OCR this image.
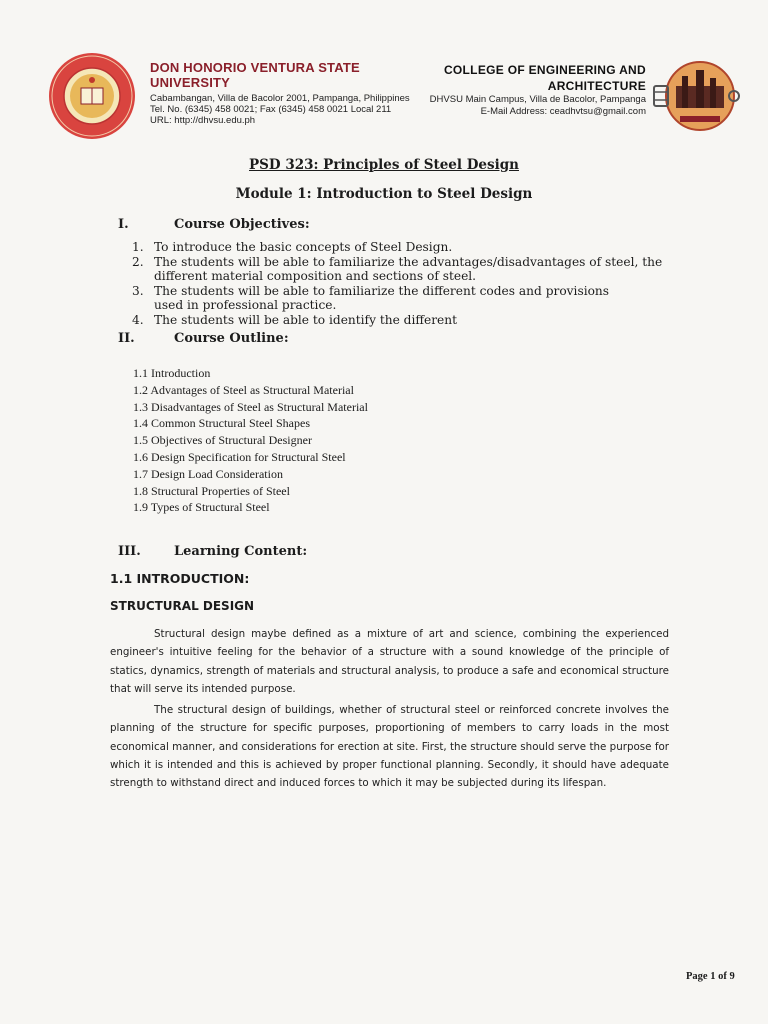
DON HONORIO VENTURA STATE UNIVERSITY
Cabambangan, Villa de Bacolor 2001, Pampanga, Philippines
Tel. No. (6345) 458 0021; Fax (6345) 458 0021 Local 211
URL: http://dhvsu.edu.ph
COLLEGE OF ENGINEERING AND
ARCHITECTURE
DHVSU Main Campus, Villa de Bacolor, Pampanga
E-Mail Address: ceadhvtsu@gmail.com
PSD 323: Principles of Steel Design
Module 1: Introduction to Steel Design
I.	Course Objectives:
1. To introduce the basic concepts of Steel Design.
2. The students will be able to familiarize the advantages/disadvantages of steel, the different material composition and sections of steel.
3. The students will be able to familiarize the different codes and provisions used in professional practice.
4. The students will be able to identify the different
II.	Course Outline:
1.1 Introduction
1.2 Advantages of Steel as Structural Material
1.3 Disadvantages of Steel as Structural Material
1.4 Common Structural Steel Shapes
1.5 Objectives of Structural Designer
1.6 Design Specification for Structural Steel
1.7 Design Load Consideration
1.8 Structural Properties of Steel
1.9 Types of Structural Steel
III.	Learning Content:
1.1 INTRODUCTION:
STRUCTURAL DESIGN
Structural design maybe defined as a mixture of art and science, combining the experienced engineer's intuitive feeling for the behavior of a structure with a sound knowledge of the principle of statics, dynamics, strength of materials and structural analysis, to produce a safe and economical structure that will serve its intended purpose.
The structural design of buildings, whether of structural steel or reinforced concrete involves the planning of the structure for specific purposes, proportioning of members to carry loads in the most economical manner, and considerations for erection at site. First, the structure should serve the purpose for which it is intended and this is achieved by proper functional planning. Secondly, it should have adequate strength to withstand direct and induced forces to which it may be subjected during its lifespan.
Page 1 of 9
